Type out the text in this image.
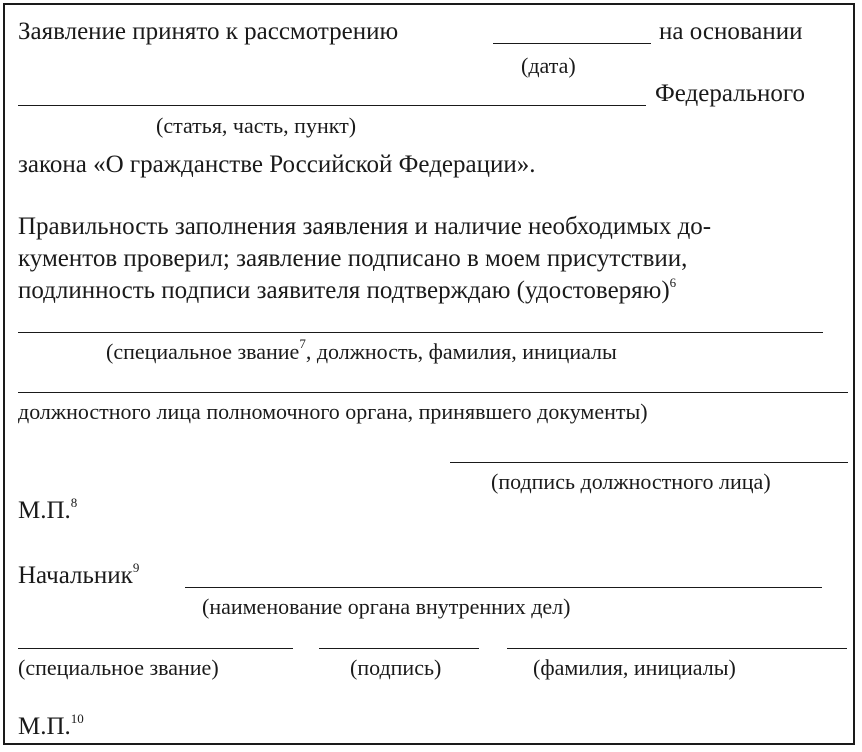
Заявление принято к рассмотрению	на основании
(дата)
Федерального
(статья, часть, пункт)
закона «О гражданстве Российской Федерации».
Правильность заполнения заявления и наличие необходимых до-
кументов проверил; заявление подписано в моем присутствии,
подлинность подписи заявителя подтверждаю (удостоверяю)$^6$
(специальное звание$^7$, должность, фамилия, инициалы
должностного лица полномочного органа, принявшего документы)
(подпись должностного лица)
М.П.$^8$
Начальник$^9$
(наименование органа внутренних дел)
(специальное звание)	(подпись)	(фамилия, инициалы)
М.П.$^{10}$
